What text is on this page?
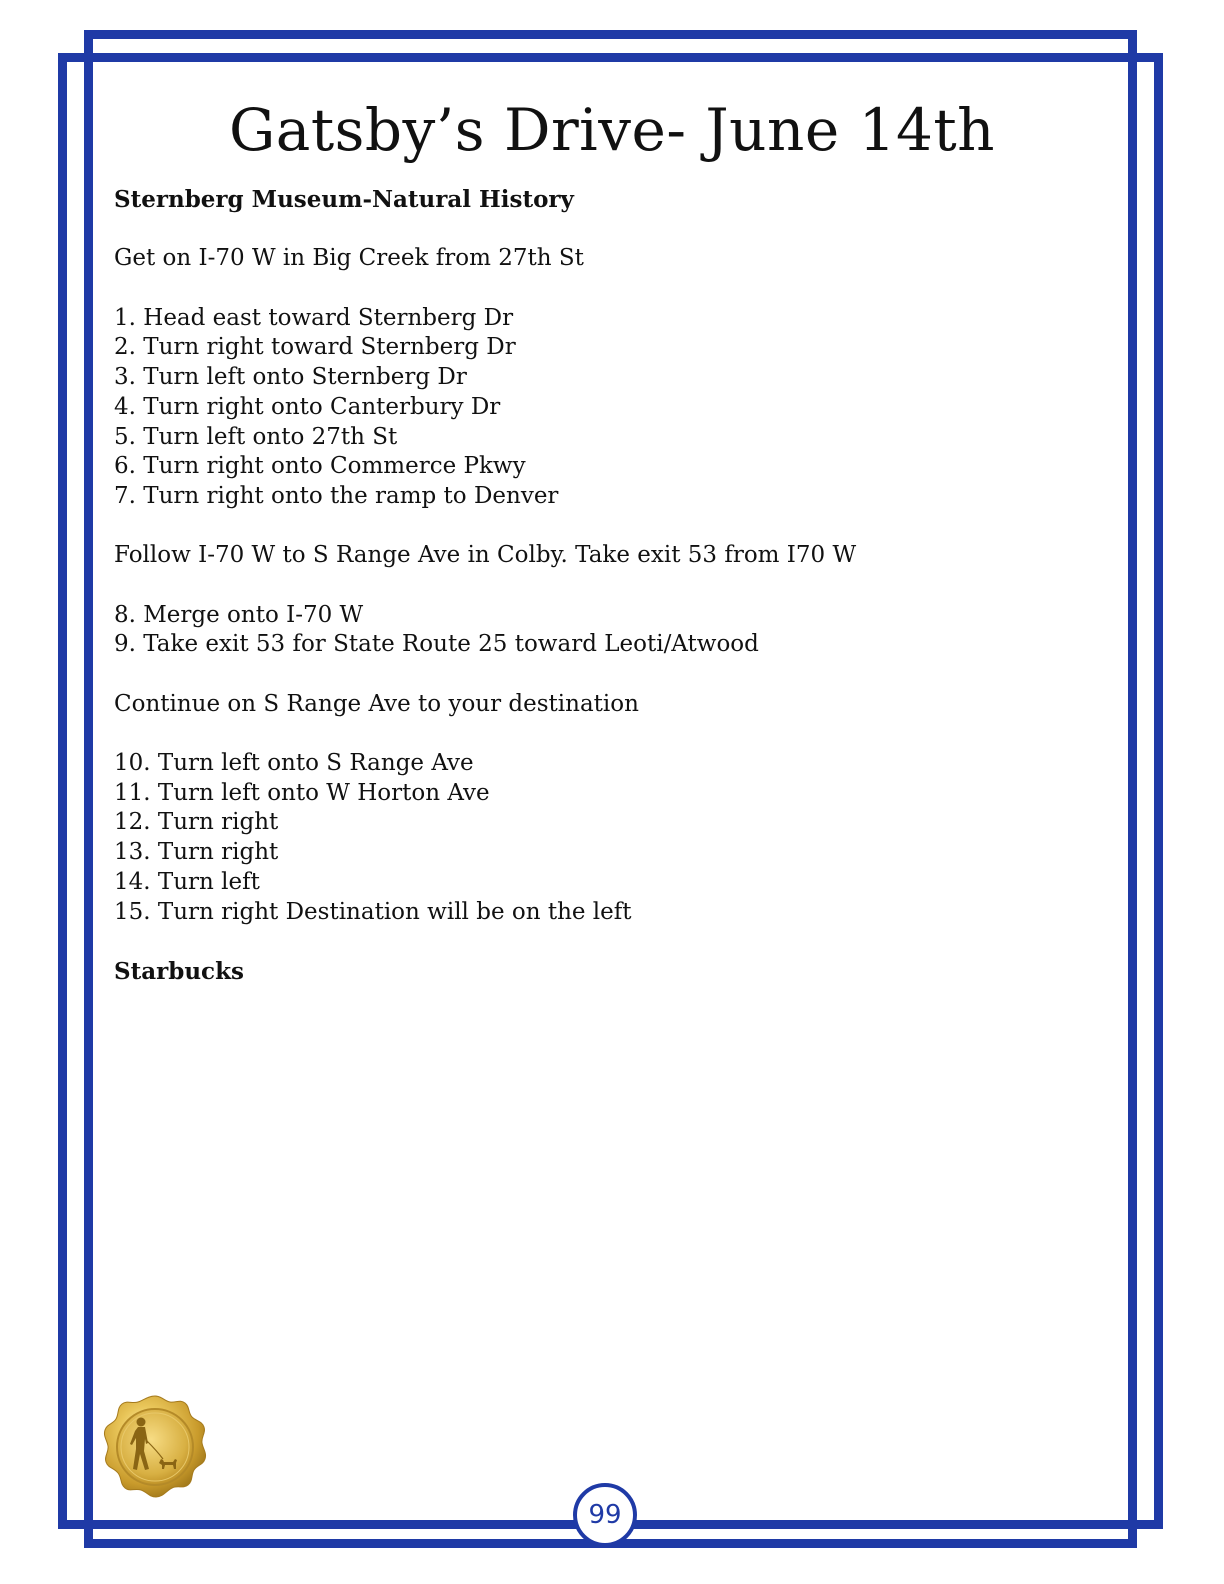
Gatsby’s Drive- June 14th
Sternberg Museum-Natural History
Get on I-70 W in Big Creek from 27th St
1. Head east toward Sternberg Dr
2. Turn right toward Sternberg Dr
3. Turn left onto Sternberg Dr
4. Turn right onto Canterbury Dr
5. Turn left onto 27th St
6. Turn right onto Commerce Pkwy
7. Turn right onto the ramp to Denver
Follow I-70 W to S Range Ave in Colby. Take exit 53 from I70 W
8. Merge onto I-70 W
9. Take exit 53 for State Route 25 toward Leoti/Atwood
Continue on S Range Ave to your destination
10. Turn left onto S Range Ave
11. Turn left onto W Horton Ave
12. Turn right
13. Turn right
14. Turn left
15. Turn right Destination will be on the left
Starbucks
99
